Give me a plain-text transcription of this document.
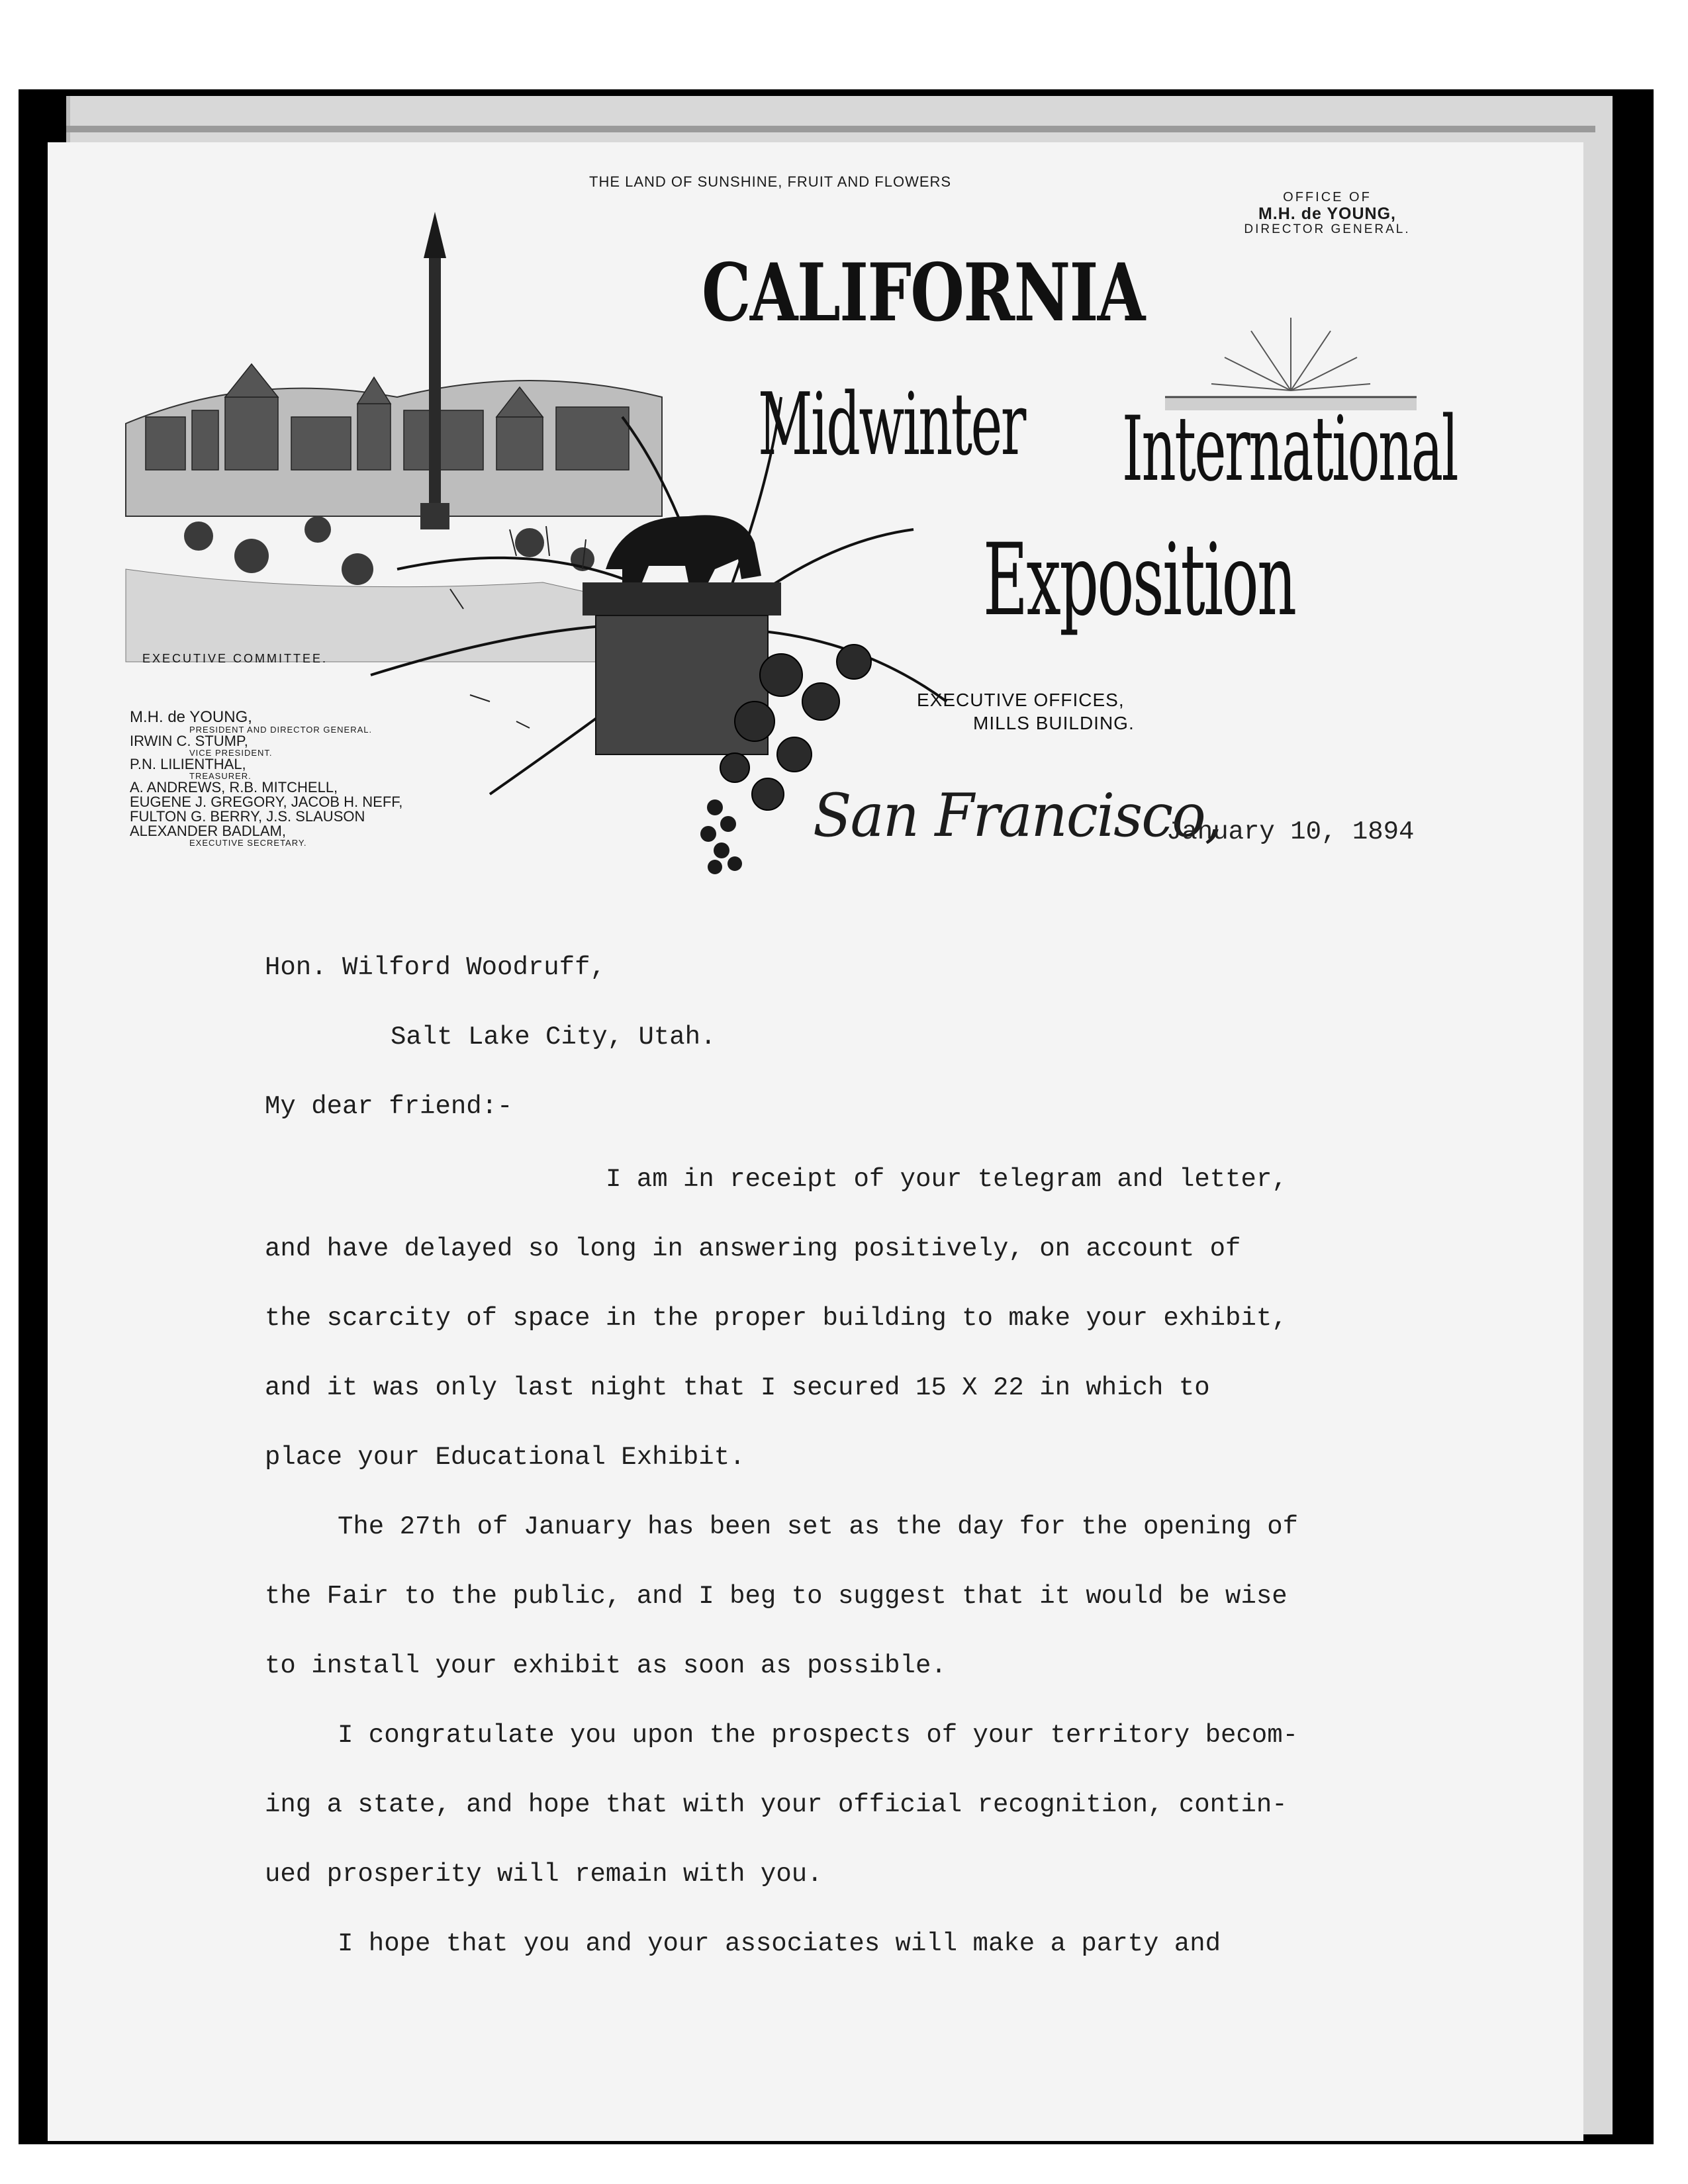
THE LAND OF SUNSHINE, FRUIT AND FLOWERS
OFFICE OF
M.H. de YOUNG,
DIRECTOR GENERAL.
CALIFORNIA
Midwinter International
Exposition
EXECUTIVE COMMITTEE.
M.H. de YOUNG,
PRESIDENT AND DIRECTOR GENERAL.
IRWIN C. STUMP,
VICE PRESIDENT.
P.N. LILIENTHAL,
TREASURER.
A. ANDREWS, R.B. MITCHELL,
EUGENE J. GREGORY, JACOB H. NEFF,
FULTON G. BERRY, J.S. SLAUSON
ALEXANDER BADLAM,
EXECUTIVE SECRETARY.
EXECUTIVE OFFICES,
MILLS BUILDING.
San Francisco,
January 10, 1894
Hon. Wilford Woodruff,
Salt Lake City, Utah.
My dear friend:-
I am in receipt of your telegram and letter,
and have delayed so long in answering positively, on account of
the scarcity of space in the proper building to make your exhibit,
and it was only last night that I secured 15 X 22 in which to
place your Educational Exhibit.
The 27th of January has been set as the day for the opening of
the Fair to the public, and I beg to suggest that it would be wise
to install your exhibit as soon as possible.
I congratulate you upon the prospects of your territory becom-
ing a state, and hope that with your official recognition, contin-
ued prosperity will remain with you.
I hope that you and your associates will make a party and
